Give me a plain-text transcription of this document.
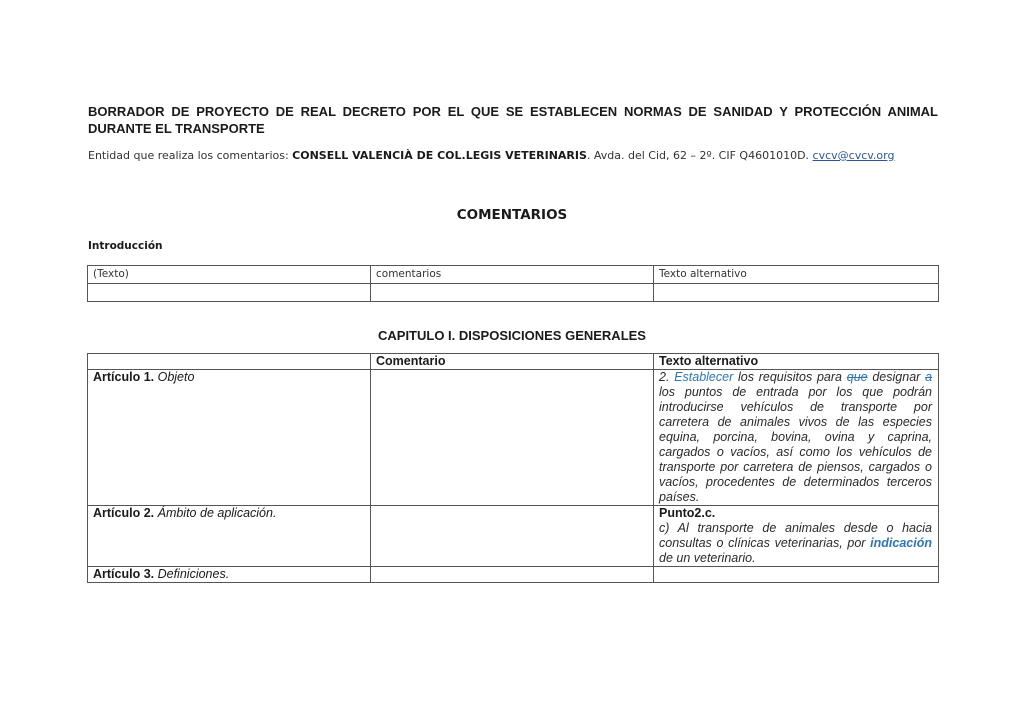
BORRADOR DE PROYECTO DE REAL DECRETO POR EL QUE SE ESTABLECEN NORMAS DE SANIDAD Y PROTECCIÓN ANIMAL DURANTE EL TRANSPORTE
Entidad que realiza los comentarios: CONSELL VALENCIÀ DE COL.LEGIS VETERINARIS. Avda. del Cid, 62 – 2º. CIF Q4601010D. cvcv@cvcv.org
COMENTARIOS
Introducción
(Texto)	comentarios	Texto alternativo

CAPITULO I. DISPOSICIONES GENERALES
	Comentario	Texto alternativo
Artículo 1. Objeto		2. Establecer los requisitos para que designar a los puntos de entrada por los que podrán introducirse vehículos de transporte por carretera de animales vivos de las especies equina, porcina, bovina, ovina y caprina, cargados o vacíos, así como los vehículos de transporte por carretera de piensos, cargados o vacíos, procedentes de determinados terceros países.
Artículo 2. Ámbito de aplicación.		Punto2.c.
c) Al transporte de animales desde o hacia consultas o clínicas veterinarias, por indicación de un veterinario.
Artículo 3. Definiciones.		
